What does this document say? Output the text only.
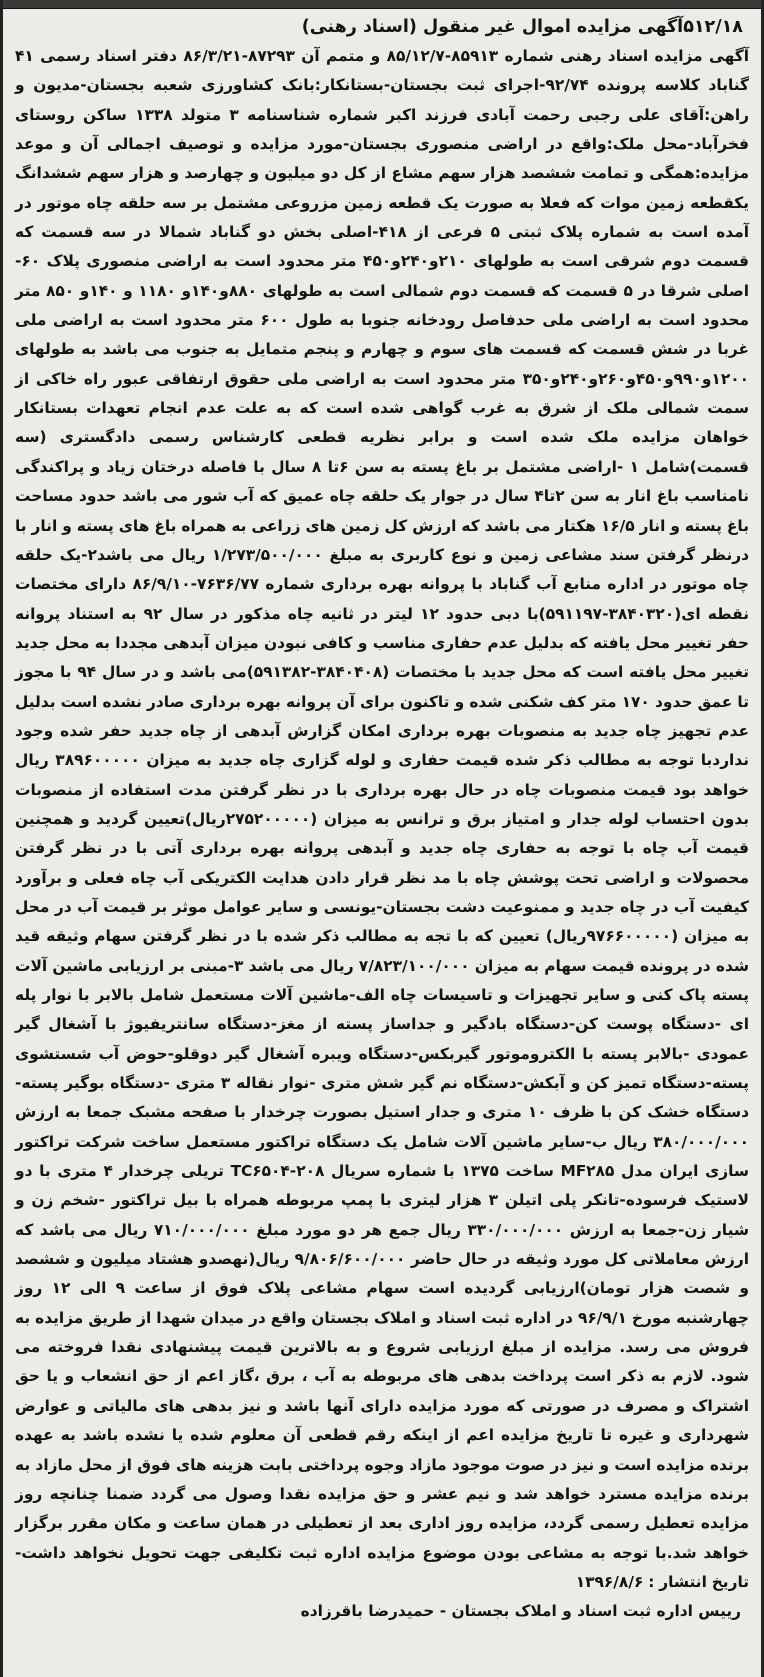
۵۱۲/۱۸آگهی مزایده اموال غیر منقول (اسناد رهنی)

آگهی مزایده اسناد رهنی شماره ۸۵۹۱۳-۸۵/۱۲/۷ و متمم آن ۸۷۲۹۳-۸۶/۳/۲۱ دفتر اسناد رسمی ۴۱ گناباد کلاسه پرونده ۹۲/۷۴-اجرای ثبت بجستان-بستانکار:بانک کشاورزی شعبه بجستان-مدیون و راهن:آقای علی رجبی رحمت آبادی فرزند اکبر شماره شناسنامه ۳ متولد ۱۳۳۸ ساکن روستای فخرآباد-محل ملک:واقع در اراضی منصوری بجستان-مورد مزایده و توصیف اجمالی آن و موعد مزایده:همگی و تمامت ششصد هزار سهم مشاع از کل دو میلیون و چهارصد و هزار سهم ششدانگ یکقطعه زمین موات که فعلا به صورت یک قطعه زمین مزروعی مشتمل بر سه حلقه چاه موتور در آمده است به شماره پلاک ثبتی ۵ فرعی از ۴۱۸-اصلی بخش دو گناباد شمالا در سه قسمت که قسمت دوم شرقی است به طولهای ۲۱۰و۲۴۰و۴۵۰ متر محدود است به اراضی منصوری پلاک ۶۰-اصلی شرقا در ۵ قسمت که قسمت دوم شمالی است به طولهای ۸۸۰و۱۴۰و ۱۱۸۰ و ۱۴۰و ۸۵۰ متر محدود است به اراضی ملی حدفاصل رودخانه جنوبا به طول ۶۰۰ متر محدود است به اراضی ملی غربا در شش قسمت که قسمت های سوم و چهارم و پنجم متمایل به جنوب می باشد به طولهای ۱۲۰۰و۹۹۰و۴۵۰و۲۶۰و۲۴۰و۳۵۰ متر محدود است به اراضی ملی حقوق ارتفاقی عبور راه خاکی از سمت شمالی ملک از شرق به غرب گواهی شده است که به علت عدم انجام تعهدات بستانکار خواهان مزایده ملک شده است و برابر نظریه قطعی کارشناس رسمی دادگستری (سه قسمت)شامل ۱ -اراضی مشتمل بر باغ پسته به سن ۶تا ۸ سال با فاصله درختان زیاد و پراکندگی نامناسب باغ انار به سن ۲تا۴ سال در جوار یک حلقه چاه عمیق که آب شور می باشد حدود مساحت باغ پسته و انار ۱۶/۵ هکتار می باشد که ارزش کل زمین های زراعی به همراه باغ های پسته و انار با درنظر گرفتن سند مشاعی زمین و نوع کاربری به مبلغ ۱/۲۷۳/۵۰۰/۰۰۰ ریال می باشد۲-یک حلقه چاه موتور در اداره منابع آب گناباد با پروانه بهره برداری شماره ۷۶۳۶/۷۷-۸۶/۹/۱۰ دارای مختصات نقطه ای(۳۸۴۰۳۲۰-۵۹۱۱۹۷)با دبی حدود ۱۲ لیتر در ثانیه چاه مذکور در سال ۹۲ به استناد پروانه حفر تغییر محل یافته که بدلیل عدم حفاری مناسب و کافی نبودن میزان آبدهی مجددا به محل جدید تغییر محل یافته است که محل جدید با مختصات (۳۸۴۰۴۰۸-۵۹۱۳۸۲)می باشد و در سال ۹۴ با مجوز تا عمق حدود ۱۷۰ متر کف شکنی شده و تاکنون برای آن پروانه بهره برداری صادر نشده است بدلیل عدم تجهیز چاه جدید به منصوبات بهره برداری امکان گزارش آبدهی از چاه جدید حفر شده وجود نداردبا توجه به مطالب ذکر شده قیمت حفاری و لوله گزاری چاه جدید به میزان ۳۸۹۶۰۰۰۰۰ ریال خواهد بود قیمت منصوبات چاه در حال بهره برداری با در نظر گرفتن مدت استفاده از منصوبات بدون احتساب لوله جدار و امتیاز برق و ترانس به میزان (۲۷۵۲۰۰۰۰۰ریال)تعیین گردید و همچنین قیمت آب چاه با توجه به حفاری چاه جدید و آبدهی پروانه بهره برداری آتی با در نظر گرفتن محصولات و اراضی تحت پوشش چاه با مد نظر قرار دادن هدایت الکتریکی آب چاه فعلی و برآورد کیفیت آب در چاه جدید و ممنوعیت دشت بجستان-یونسی و سایر عوامل موثر بر قیمت آب در محل به میزان (۹۷۶۶۰۰۰۰۰ریال) تعیین که با تجه به مطالب ذکر شده با در نظر گرفتن سهام وثیقه قید شده در پرونده قیمت سهام به میزان ۷/۸۲۳/۱۰۰/۰۰۰ ریال می باشد ۳-مبنی بر ارزیابی ماشین آلات پسته پاک کنی و سایر تجهیزات و تاسیسات چاه الف-ماشین آلات مستعمل شامل بالابر با نوار پله ای -دستگاه پوست کن-دستگاه بادگیر و جداساز پسته از مغز-دستگاه سانتریفیوژ با آشغال گیر عمودی -بالابر پسته با الکتروموتور گیربکس-دستگاه ویبره آشغال گیر دوقلو-حوض آب شستشوی پسته-دستگاه تمیز کن و آبکش-دستگاه نم گیر شش متری -نوار نقاله ۳ متری -دستگاه بوگیر پسته-دستگاه خشک کن با ظرف ۱۰ متری و جدار استیل بصورت چرخدار با صفحه مشبک جمعا به ارزش ۳۸۰/۰۰۰/۰۰۰ ریال ب-سایر ماشین آلات شامل یک دستگاه تراکتور مستعمل ساخت شرکت تراکتور سازی ایران مدل MF۲۸۵ ساخت ۱۳۷۵ با شماره سریال ۲۰۸-TC۶۵۰۴ تریلی چرخدار ۴ متری با دو لاستیک فرسوده-تانکر پلی اتیلن ۳ هزار لیتری با پمپ مربوطه همراه با بیل تراکتور -شخم زن و شیار زن-جمعا به ارزش ۳۳۰/۰۰۰/۰۰۰ ریال جمع هر دو مورد مبلغ ۷۱۰/۰۰۰/۰۰۰ ریال می باشد که ارزش معاملاتی کل مورد وثیقه در حال حاضر ۹/۸۰۶/۶۰۰/۰۰۰ ریال(نهصدو هشتاد میلیون و ششصد و شصت هزار تومان)ارزیابی گردیده است سهام مشاعی پلاک فوق از ساعت ۹ الی ۱۲ روز چهارشنبه مورخ ۹۶/۹/۱ در اداره ثبت اسناد و املاک بجستان واقع در میدان شهدا از طریق مزایده به فروش می رسد. مزایده از مبلغ ارزیابی شروع و به بالاترین قیمت پیشنهادی نقدا فروخته می شود. لازم به ذکر است پرداخت بدهی های مربوطه به آب ، برق ،گاز اعم از حق انشعاب و یا حق اشتراک و مصرف در صورتی که مورد مزایده دارای آنها باشد و نیز بدهی های مالیاتی و عوارض شهرداری و غیره تا تاریخ مزایده اعم از اینکه رقم قطعی آن معلوم شده یا نشده باشد به عهده برنده مزایده است و نیز در صوت موجود مازاد وجوه پرداختی بابت هزینه های فوق از محل مازاد به برنده مزایده مسترد خواهد شد و نیم عشر و حق مزایده نقدا وصول می گردد ضمنا چنانچه روز مزایده تعطیل رسمی گردد، مزایده روز اداری بعد از تعطیلی در همان ساعت و مکان مقرر برگزار خواهد شد.با توجه به مشاعی بودن موضوع مزایده اداره ثبت تکلیفی جهت تحویل نخواهد داشت-تاریخ انتشار : ۱۳۹۶/۸/۶

رییس اداره ثبت اسناد و املاک بجستان - حمیدرضا باقرزاده
